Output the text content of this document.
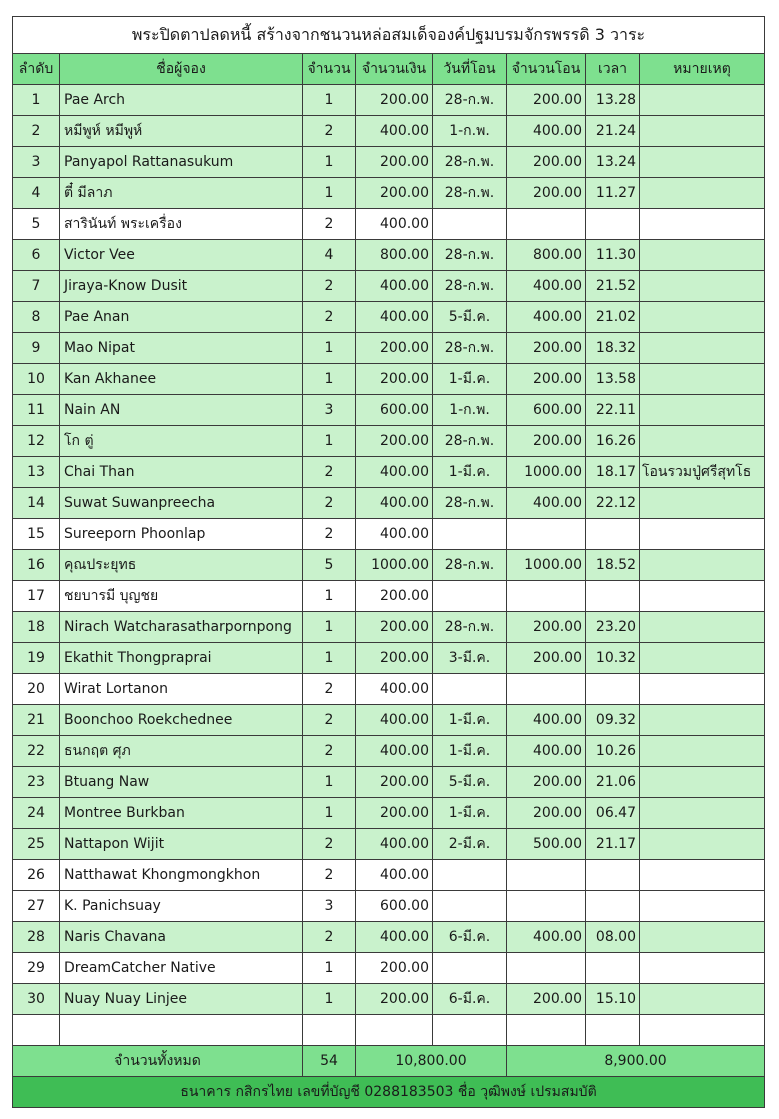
พระปิดตาปลดหนี้ สร้างจากชนวนหล่อสมเด็จองค์ปฐมบรมจักรพรรดิ 3 วาระ							
ลำดับ	ชื่อผู้จอง	จำนวน	จำนวนเงิน	วันที่โอน	จำนวนโอน	เวลา	หมายเหตุ
1	Pae Arch	1	200.00	28-ก.พ.	200.00	13.28	
2	หมีพูห์ หมีพูห์	2	400.00	1-ก.พ.	400.00	21.24	
3	Panyapol Rattanasukum	1	200.00	28-ก.พ.	200.00	13.24	
4	ตี๋ มีลาภ	1	200.00	28-ก.พ.	200.00	11.27	
5	สารินันท์ พระเครื่อง	2	400.00				
6	Victor Vee	4	800.00	28-ก.พ.	800.00	11.30	
7	Jiraya-Know Dusit	2	400.00	28-ก.พ.	400.00	21.52	
8	Pae Anan	2	400.00	5-มี.ค.	400.00	21.02	
9	Mao Nipat	1	200.00	28-ก.พ.	200.00	18.32	
10	Kan Akhanee	1	200.00	1-มี.ค.	200.00	13.58	
11	Nain AN	3	600.00	1-ก.พ.	600.00	22.11	
12	โก ตู่	1	200.00	28-ก.พ.	200.00	16.26	
13	Chai Than	2	400.00	1-มี.ค.	1000.00	18.17	โอนรวมปู่ศรีสุทโธ
14	Suwat Suwanpreecha	2	400.00	28-ก.พ.	400.00	22.12	
15	Sureeporn Phoonlap	2	400.00				
16	คุณประยุทธ	5	1000.00	28-ก.พ.	1000.00	18.52	
17	ชยบารมี บุญชย	1	200.00				
18	Nirach Watcharasatharpornpong	1	200.00	28-ก.พ.	200.00	23.20	
19	Ekathit Thongpraprai	1	200.00	3-มี.ค.	200.00	10.32	
20	Wirat Lortanon	2	400.00				
21	Boonchoo Roekchednee	2	400.00	1-มี.ค.	400.00	09.32	
22	ธนกฤต ศุภ	2	400.00	1-มี.ค.	400.00	10.26	
23	Btuang Naw	1	200.00	5-มี.ค.	200.00	21.06	
24	Montree Burkban	1	200.00	1-มี.ค.	200.00	06.47	
25	Nattapon Wijit	2	400.00	2-มี.ค.	500.00	21.17	
26	Natthawat Khongmongkhon	2	400.00				
27	K. Panichsuay	3	600.00				
28	Naris Chavana	2	400.00	6-มี.ค.	400.00	08.00	
29	DreamCatcher Native	1	200.00				
30	Nuay Nuay Linjee	1	200.00	6-มี.ค.	200.00	15.10	

จำนวนทั้งหมด		54	10,800.00		8,900.00		
ธนาคาร กสิกรไทย เลขที่บัญชี 0288183503 ชื่อ วุฒิพงษ์ เปรมสมบัติ							
